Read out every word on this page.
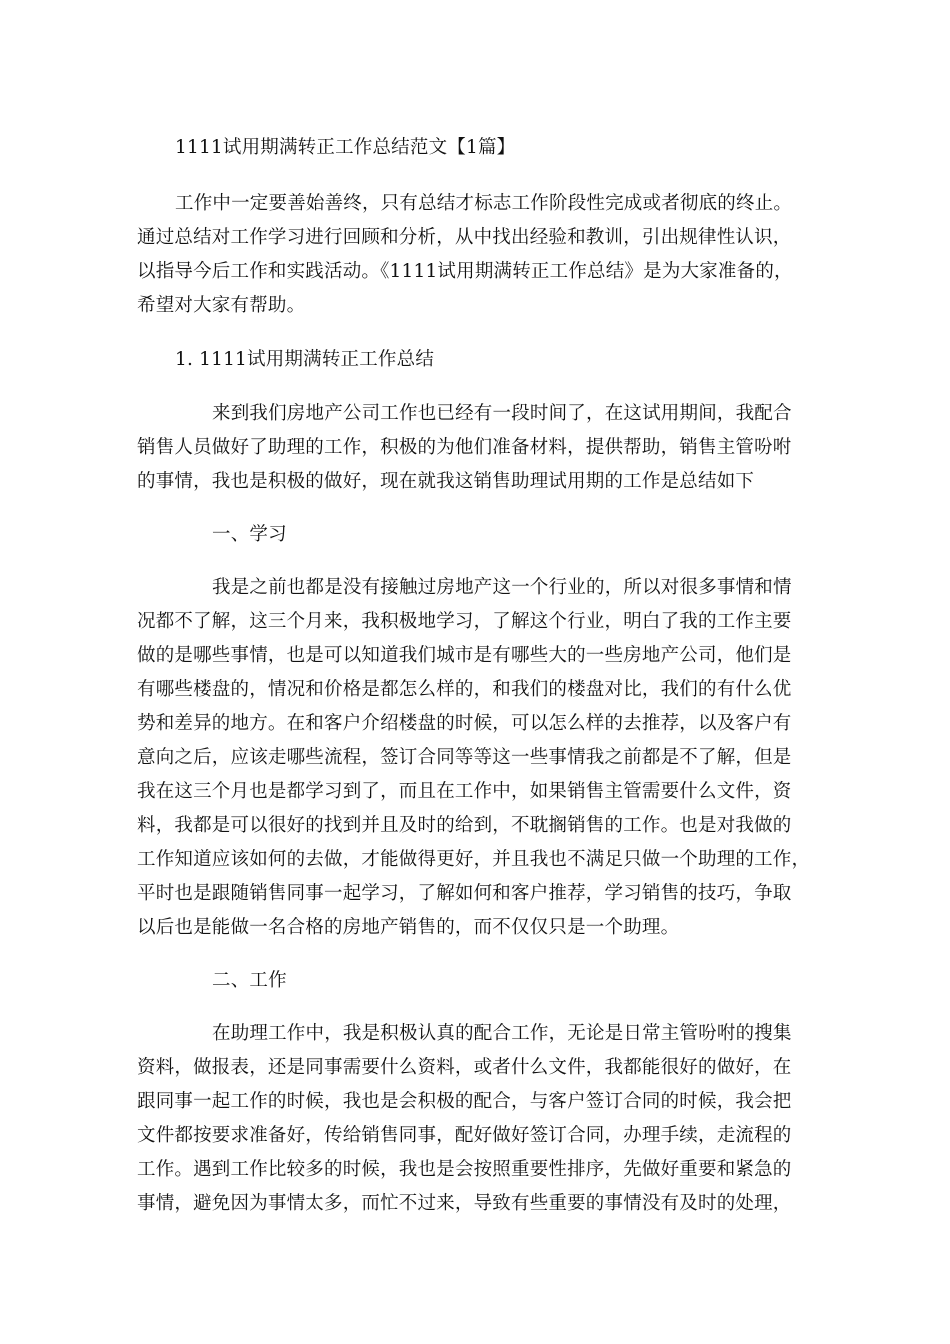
1111试用期满转正工作总结范文【1篇】
工作中一定要善始善终，只有总结才标志工作阶段性完成或者彻底的终止。
通过总结对工作学习进行回顾和分析，从中找出经验和教训，引出规律性认识，
以指导今后工作和实践活动。《1111试用期满转正工作总结》是为大家准备的，
希望对大家有帮助。
1. 1111试用期满转正工作总结
来到我们房地产公司工作也已经有一段时间了，在这试用期间，我配合
销售人员做好了助理的工作，积极的为他们准备材料，提供帮助，销售主管吩咐
的事情，我也是积极的做好，现在就我这销售助理试用期的工作是总结如下
一、学习
我是之前也都是没有接触过房地产这一个行业的，所以对很多事情和情
况都不了解，这三个月来，我积极地学习，了解这个行业，明白了我的工作主要
做的是哪些事情，也是可以知道我们城市是有哪些大的一些房地产公司，他们是
有哪些楼盘的，情况和价格是都怎么样的，和我们的楼盘对比，我们的有什么优
势和差异的地方。在和客户介绍楼盘的时候，可以怎么样的去推荐，以及客户有
意向之后，应该走哪些流程，签订合同等等这一些事情我之前都是不了解，但是
我在这三个月也是都学习到了，而且在工作中，如果销售主管需要什么文件，资
料，我都是可以很好的找到并且及时的给到，不耽搁销售的工作。也是对我做的
工作知道应该如何的去做，才能做得更好，并且我也不满足只做一个助理的工作，
平时也是跟随销售同事一起学习，了解如何和客户推荐，学习销售的技巧，争取
以后也是能做一名合格的房地产销售的，而不仅仅只是一个助理。
二、工作
在助理工作中，我是积极认真的配合工作，无论是日常主管吩咐的搜集
资料，做报表，还是同事需要什么资料，或者什么文件，我都能很好的做好，在
跟同事一起工作的时候，我也是会积极的配合，与客户签订合同的时候，我会把
文件都按要求准备好，传给销售同事，配好做好签订合同，办理手续，走流程的
工作。遇到工作比较多的时候，我也是会按照重要性排序，先做好重要和紧急的
事情，避免因为事情太多，而忙不过来，导致有些重要的事情没有及时的处理，
